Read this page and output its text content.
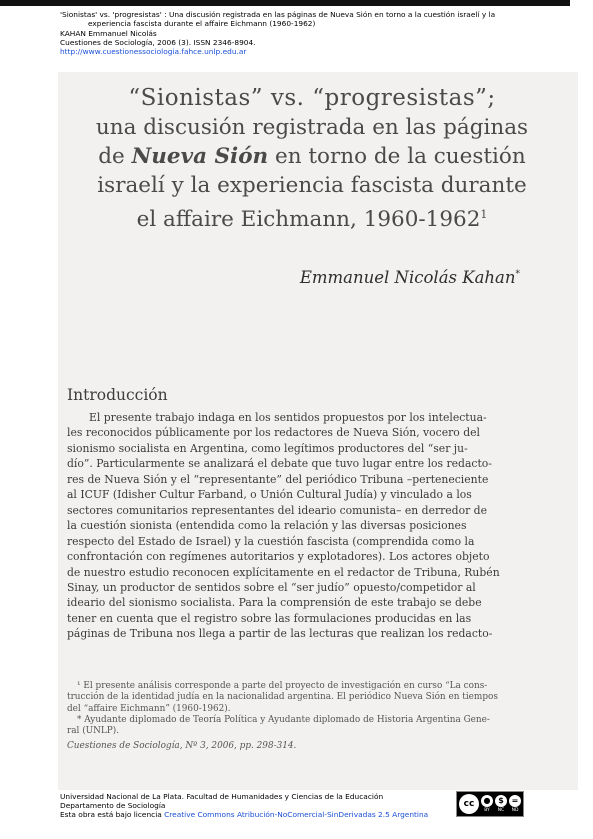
'Sionistas' vs. 'progresistas' : Una discusión registrada en las páginas de Nueva Sión en torno a la cuestión israelí y la
experiencia fascista durante el affaire Eichmann (1960-1962)
KAHAN Emmanuel Nicolás
Cuestiones de Sociología, 2006 (3). ISSN 2346-8904.
http://www.cuestionessociologia.fahce.unlp.edu.ar
“Sionistas” vs. “progresistas”;
una discusión registrada en las páginas
de Nueva Sión en torno de la cuestión
israelí y la experiencia fascista durante
el affaire Eichmann, 1960-1962$^1$
Emmanuel Nicolás Kahan*
Introducción
El presente trabajo indaga en los sentidos propuestos por los intelectua-
les reconocidos públicamente por los redactores de Nueva Sión, vocero del
sionismo socialista en Argentina, como legítimos productores del “ser ju-
dío”. Particularmente se analizará el debate que tuvo lugar entre los redacto-
res de Nueva Sión y el “representante” del periódico Tribuna –perteneciente
al ICUF (Idisher Cultur Farband, o Unión Cultural Judía) y vinculado a los
sectores comunitarios representantes del ideario comunista– en derredor de
la cuestión sionista (entendida como la relación y las diversas posiciones
respecto del Estado de Israel) y la cuestión fascista (comprendida como la
confrontación con regímenes autoritarios y explotadores). Los actores objeto
de nuestro estudio reconocen explícitamente en el redactor de Tribuna, Rubén
Sinay, un productor de sentidos sobre el “ser judío” opuesto/competidor al
ideario del sionismo socialista. Para la comprensión de este trabajo se debe
tener en cuenta que el registro sobre las formulaciones producidas en las
páginas de Tribuna nos llega a partir de las lecturas que realizan los redacto-
¹ El presente análisis corresponde a parte del proyecto de investigación en curso “La cons-
trucción de la identidad judía en la nacionalidad argentina. El periódico Nueva Sión en tiempos
del “affaire Eichmann” (1960-1962).
* Ayudante diplomado de Teoría Política y Ayudante diplomado de Historia Argentina Gene-
ral (UNLP).
Cuestiones de Sociología, Nº 3, 2006, pp. 298-314.
Universidad Nacional de La Plata. Facultad de Humanidades y Ciencias de la Educación
Departamento de Sociología
Esta obra está bajo licencia Creative Commons Atribución-NoComercial-SinDerivadas 2.5 Argentina
cc	● $ =
BY	NC	ND
